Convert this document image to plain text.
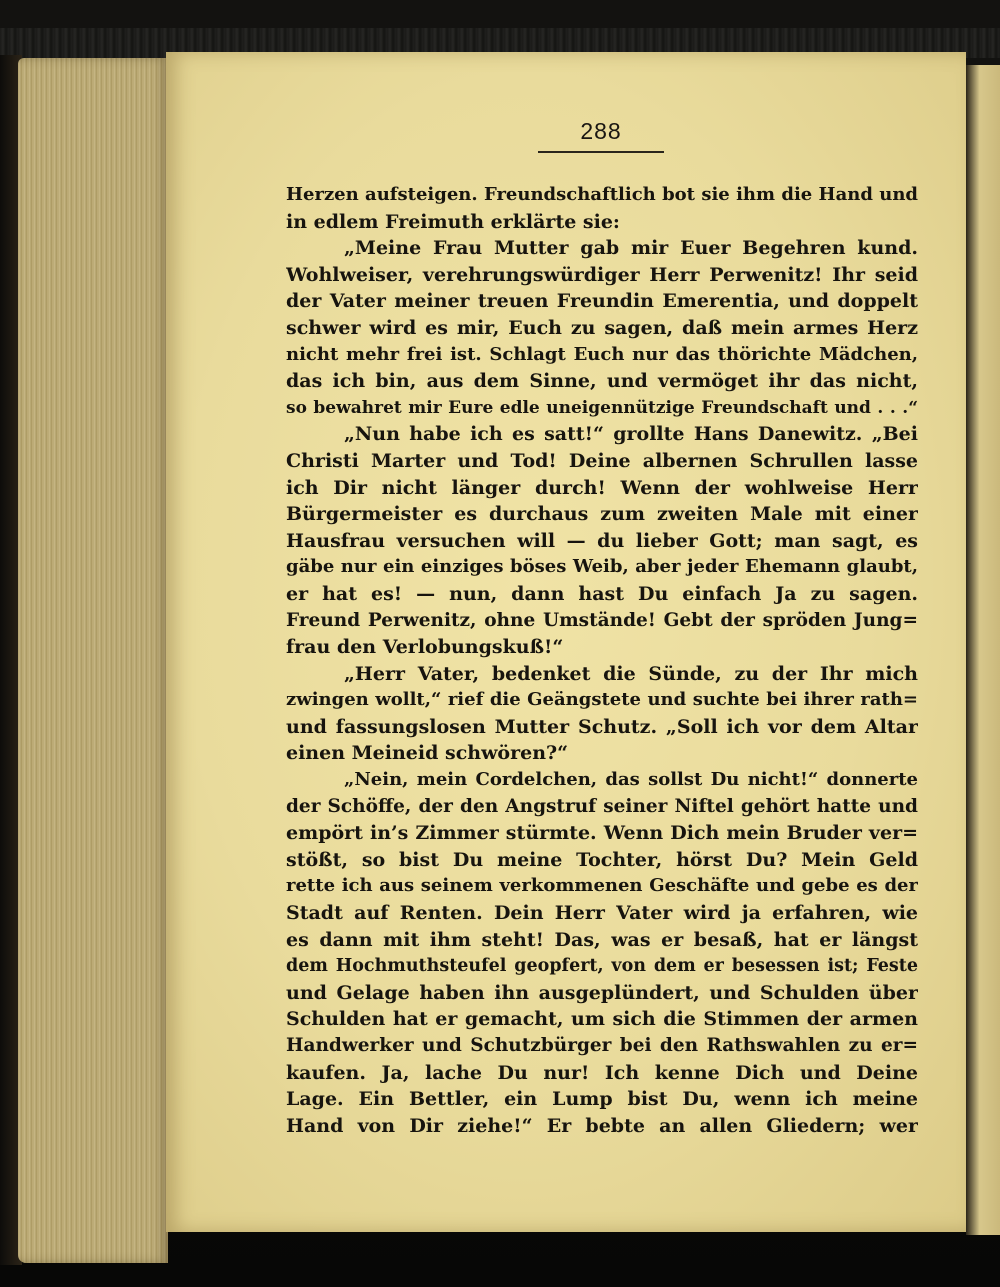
288
Herzen aufsteigen. Freundschaftlich bot sie ihm die Hand und
in edlem Freimuth erklärte sie:
„Meine Frau Mutter gab mir Euer Begehren kund.
Wohlweiser, verehrungswürdiger Herr Perwenitz! Ihr seid
der Vater meiner treuen Freundin Emerentia, und doppelt
schwer wird es mir, Euch zu sagen, daß mein armes Herz
nicht mehr frei ist. Schlagt Euch nur das thörichte Mädchen,
das ich bin, aus dem Sinne, und vermöget ihr das nicht,
so bewahret mir Eure edle uneigennützige Freundschaft und . . .“
„Nun habe ich es satt!“ grollte Hans Danewitz. „Bei
Christi Marter und Tod! Deine albernen Schrullen lasse
ich Dir nicht länger durch! Wenn der wohlweise Herr
Bürgermeister es durchaus zum zweiten Male mit einer
Hausfrau versuchen will — du lieber Gott; man sagt, es
gäbe nur ein einziges böses Weib, aber jeder Ehemann glaubt,
er hat es! — nun, dann hast Du einfach Ja zu sagen.
Freund Perwenitz, ohne Umstände! Gebt der spröden Jung=
frau den Verlobungskuß!“
„Herr Vater, bedenket die Sünde, zu der Ihr mich
zwingen wollt,“ rief die Geängstete und suchte bei ihrer rath=
und fassungslosen Mutter Schutz. „Soll ich vor dem Altar
einen Meineid schwören?“
„Nein, mein Cordelchen, das sollst Du nicht!“ donnerte
der Schöffe, der den Angstruf seiner Niftel gehört hatte und
empört in’s Zimmer stürmte. Wenn Dich mein Bruder ver=
stößt, so bist Du meine Tochter, hörst Du? Mein Geld
rette ich aus seinem verkommenen Geschäfte und gebe es der
Stadt auf Renten. Dein Herr Vater wird ja erfahren, wie
es dann mit ihm steht! Das, was er besaß, hat er längst
dem Hochmuthsteufel geopfert, von dem er besessen ist; Feste
und Gelage haben ihn ausgeplündert, und Schulden über
Schulden hat er gemacht, um sich die Stimmen der armen
Handwerker und Schutzbürger bei den Rathswahlen zu er=
kaufen. Ja, lache Du nur! Ich kenne Dich und Deine
Lage. Ein Bettler, ein Lump bist Du, wenn ich meine
Hand von Dir ziehe!“ Er bebte an allen Gliedern; wer
